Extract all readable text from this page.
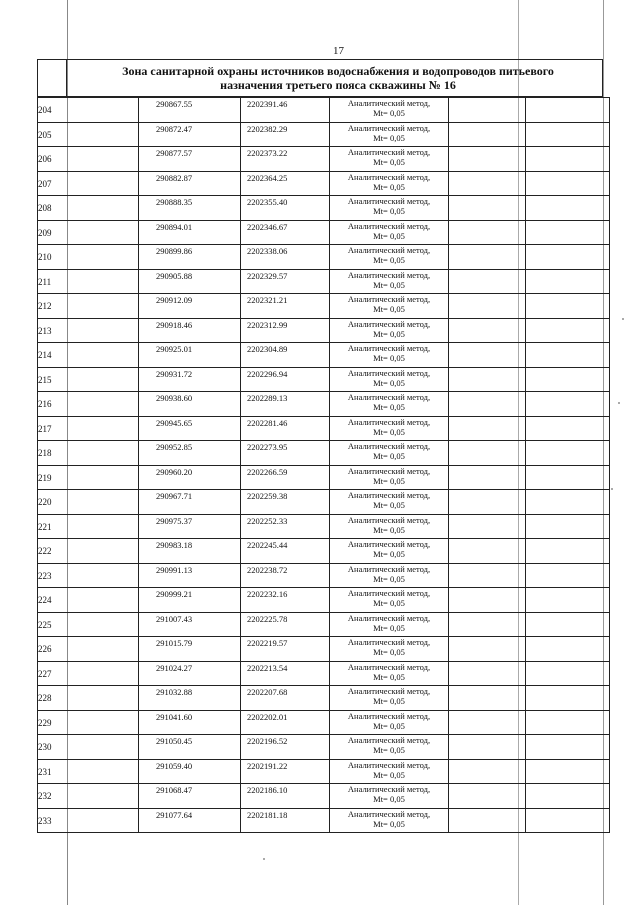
17
Зона санитарной охраны источников водоснабжения и водопроводов питьевого
назначения третьего пояса скважины № 16
204	290867.55	2202391.46	Аналитический метод,
Mt= 0,05		

205	290872.47	2202382.29	Аналитический метод,
Mt= 0,05		

206	290877.57	2202373.22	Аналитический метод,
Mt= 0,05		

207	290882.87	2202364.25	Аналитический метод,
Mt= 0,05		

208	290888.35	2202355.40	Аналитический метод,
Mt= 0,05		

209	290894.01	2202346.67	Аналитический метод,
Mt= 0,05		

210	290899.86	2202338.06	Аналитический метод,
Mt= 0,05		

211	290905.88	2202329.57	Аналитический метод,
Mt= 0,05		

212	290912.09	2202321.21	Аналитический метод,
Mt= 0,05		

213	290918.46	2202312.99	Аналитический метод,
Mt= 0,05		

214	290925.01	2202304.89	Аналитический метод,
Mt= 0,05		

215	290931.72	2202296.94	Аналитический метод,
Mt= 0,05		

216	290938.60	2202289.13	Аналитический метод,
Mt= 0,05		

217	290945.65	2202281.46	Аналитический метод,
Mt= 0,05		

218	290952.85	2202273.95	Аналитический метод,
Mt= 0,05		

219	290960.20	2202266.59	Аналитический метод,
Mt= 0,05		

220	290967.71	2202259.38	Аналитический метод,
Mt= 0,05		

221	290975.37	2202252.33	Аналитический метод,
Mt= 0,05		

222	290983.18	2202245.44	Аналитический метод,
Mt= 0,05		

223	290991.13	2202238.72	Аналитический метод,
Mt= 0,05		

224	290999.21	2202232.16	Аналитический метод,
Mt= 0,05		

225	291007.43	2202225.78	Аналитический метод,
Mt= 0,05		

226	291015.79	2202219.57	Аналитический метод,
Mt= 0,05		

227	291024.27	2202213.54	Аналитический метод,
Mt= 0,05		

228	291032.88	2202207.68	Аналитический метод,
Mt= 0,05		

229	291041.60	2202202.01	Аналитический метод,
Mt= 0,05		

230	291050.45	2202196.52	Аналитический метод,
Mt= 0,05		

231	291059.40	2202191.22	Аналитический метод,
Mt= 0,05		

232	291068.47	2202186.10	Аналитический метод,
Mt= 0,05		

233	291077.64	2202181.18	Аналитический метод,
Mt= 0,05		
